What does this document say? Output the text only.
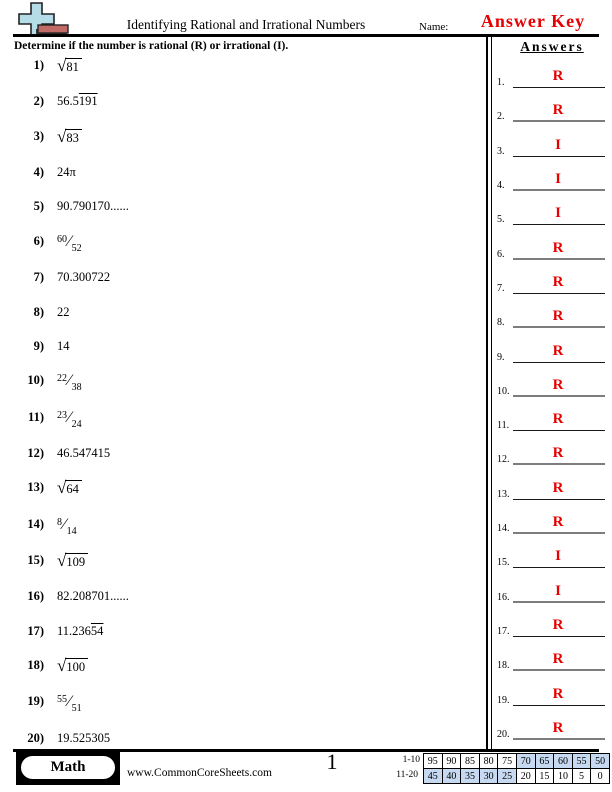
Identifying Rational and Irrational Numbers	Name:	Answer Key
Determine if the number is rational (R) or irrational (I).	Answers
1.	R
2.	R
3.	I
4.	I
5.	I
6.	R
7.	R
8.	R
9.	R
10.	R
11.	R
12.	R
13.	R
14.	R
15.	I
16.	I
17.	R
18.	R
19.	R
20.	R
1) √ 81
2) 56.5191
3) √ 83
4) 24π
5) 90.790170......
6) $^{60}⁄_{52}$
7) 70.300722
8) 22
9) 14
10) $^{22}⁄_{38}$
11) $^{23}⁄_{24}$
12) 46.547415
13) √ 64
14) $^8⁄_{14}$
15) √ 109
16) 82.208701......
17) 11.23654
18) √ 100
19) $^{55}⁄_{51}$
20) 19.525305
Math	www.CommonCoreSheets.com	1	1-10
11-20
95	90	85	80	75	70	65	60	55	50
45	40	35	30	25	20	15	10	5	0
